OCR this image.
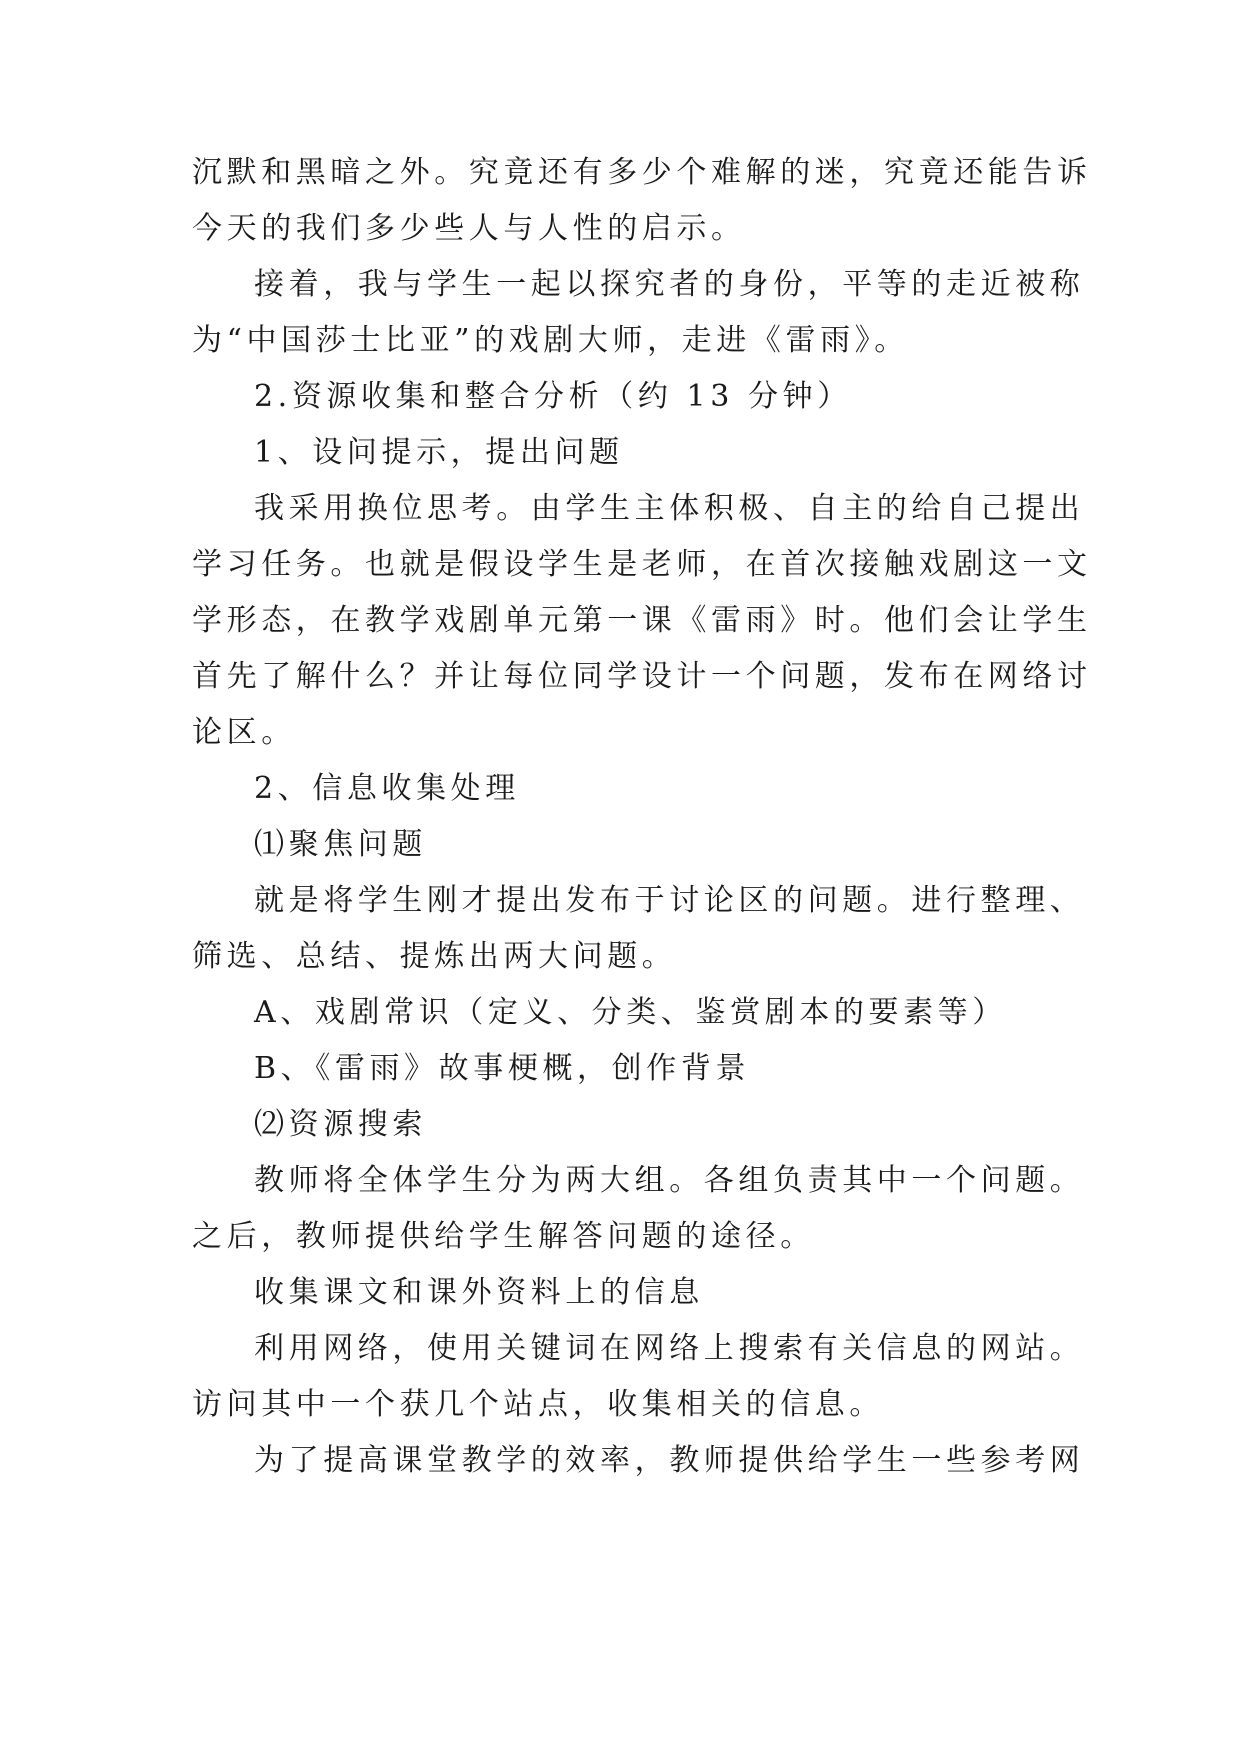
沉默和黑暗之外。究竟还有多少个难解的迷，究竟还能告诉
今天的我们多少些人与人性的启示。
接着，我与学生一起以探究者的身份，平等的走近被称
为“中国莎士比亚”的戏剧大师，走进《雷雨》。
2.资源收集和整合分析（约 13 分钟）
1、设问提示，提出问题
我采用换位思考。由学生主体积极、自主的给自己提出
学习任务。也就是假设学生是老师，在首次接触戏剧这一文
学形态，在教学戏剧单元第一课《雷雨》时。他们会让学生
首先了解什么？并让每位同学设计一个问题，发布在网络讨
论区。
2、信息收集处理
⑴聚焦问题
就是将学生刚才提出发布于讨论区的问题。进行整理、
筛选、总结、提炼出两大问题。
A、戏剧常识（定义、分类、鉴赏剧本的要素等）
B、《雷雨》故事梗概，创作背景
⑵资源搜索
教师将全体学生分为两大组。各组负责其中一个问题。
之后，教师提供给学生解答问题的途径。
收集课文和课外资料上的信息
利用网络，使用关键词在网络上搜索有关信息的网站。
访问其中一个获几个站点，收集相关的信息。
为了提高课堂教学的效率，教师提供给学生一些参考网
